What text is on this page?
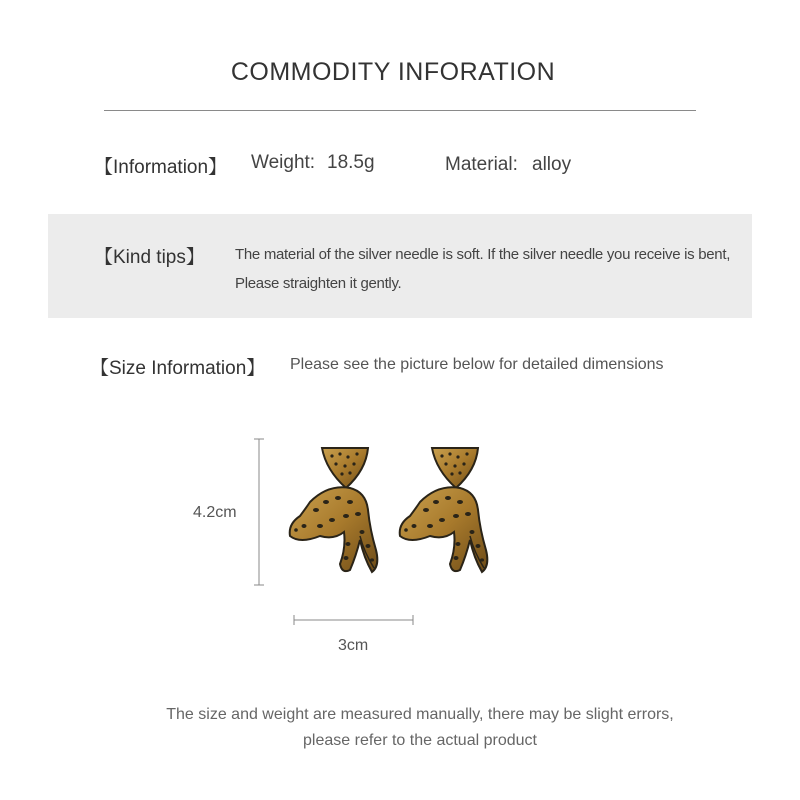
COMMODITY INFORATION
【Information】 Weight: 18.5g	Material: alloy
【Kind tips】 The material of the silver needle is soft. If the silver needle you receive is bent,
Please straighten it gently.
【Size Information】 Please see the picture below for detailed dimensions
4.2cm
3cm
The size and weight are measured manually, there may be slight errors,
please refer to the actual product
